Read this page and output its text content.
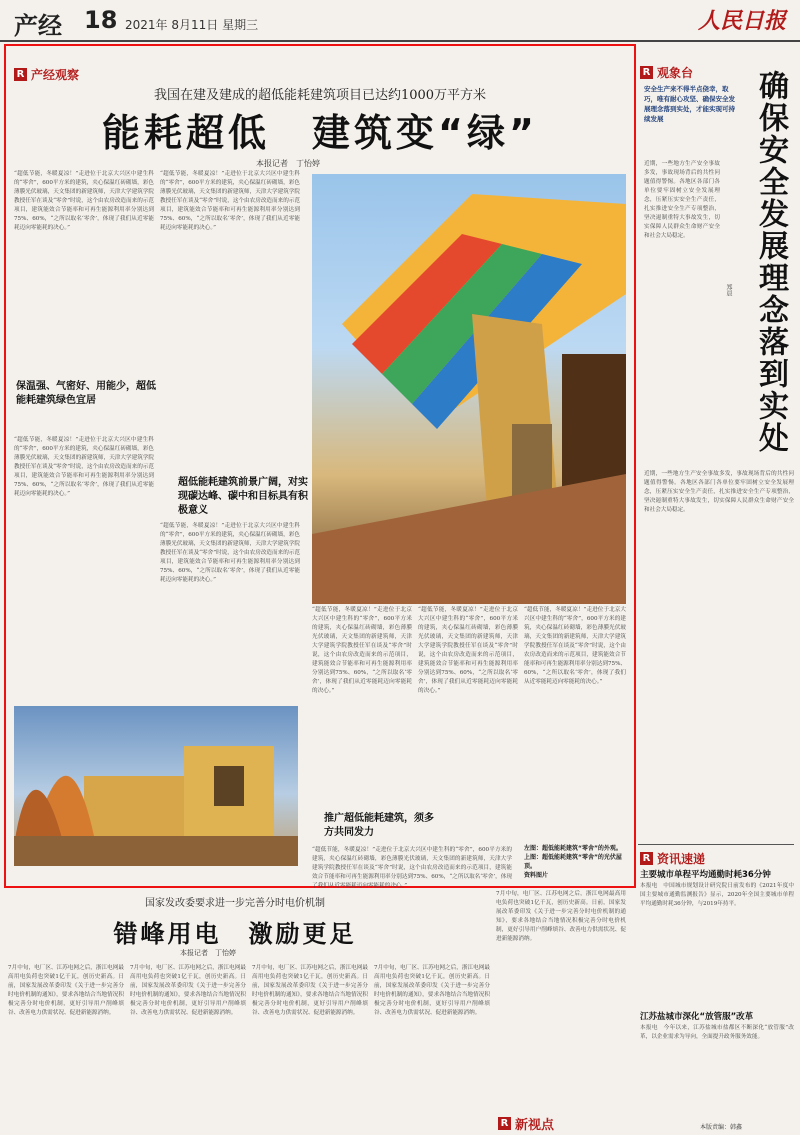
产经 18 2021年 8月11日 星期三	人民日报
R 产经观察
我国在建及建成的超低能耗建筑项目已达约1000万平方米
能耗超低　建筑变“绿”
本报记者　丁怡婷
“超低节能，冬暖夏凉！”走进位于北京大兴区中建生科的“零舍”，600平方米的建筑，夹心保温红砖砌墙，彩色薄膜光伏玻璃，天文集团的新建筑师，天津大学建筑学院教授任军在谈及“零舍”时说，这个由农房改造而来的示范项目，建筑能效合节能率和可再生能源利用率分别达到75%、60%，“之所以取名‘零舍’，体现了我们从近零能耗迈向零能耗的决心。”
保温强、气密好、用能少，超低能耗建筑绿色宜居
“超低节能，冬暖夏凉！”走进位于北京大兴区中建生科的“零舍”，600平方米的建筑，夹心保温红砖砌墙，彩色薄膜光伏玻璃，天文集团的新建筑师，天津大学建筑学院教授任军在谈及“零舍”时说，这个由农房改造而来的示范项目，建筑能效合节能率和可再生能源利用率分别达到75%、60%，“之所以取名‘零舍’，体现了我们从近零能耗迈向零能耗的决心。”
“超低节能，冬暖夏凉！”走进位于北京大兴区中建生科的“零舍”，600平方米的建筑，夹心保温红砖砌墙，彩色薄膜光伏玻璃，天文集团的新建筑师，天津大学建筑学院教授任军在谈及“零舍”时说，这个由农房改造而来的示范项目，建筑能效合节能率和可再生能源利用率分别达到75%、60%，“之所以取名‘零舍’，体现了我们从近零能耗迈向零能耗的决心。”
超低能耗建筑前景广阔，对实现碳达峰、碳中和目标具有积极意义
“超低节能，冬暖夏凉！”走进位于北京大兴区中建生科的“零舍”，600平方米的建筑，夹心保温红砖砌墙，彩色薄膜光伏玻璃，天文集团的新建筑师，天津大学建筑学院教授任军在谈及“零舍”时说，这个由农房改造而来的示范项目，建筑能效合节能率和可再生能源利用率分别达到75%、60%，“之所以取名‘零舍’，体现了我们从近零能耗迈向零能耗的决心。”
“超低节能，冬暖夏凉！”走进位于北京大兴区中建生科的“零舍”，600平方米的建筑，夹心保温红砖砌墙，彩色薄膜光伏玻璃，天文集团的新建筑师，天津大学建筑学院教授任军在谈及“零舍”时说，这个由农房改造而来的示范项目，建筑能效合节能率和可再生能源利用率分别达到75%、60%，“之所以取名‘零舍’，体现了我们从近零能耗迈向零能耗的决心。”
“超低节能，冬暖夏凉！”走进位于北京大兴区中建生科的“零舍”，600平方米的建筑，夹心保温红砖砌墙，彩色薄膜光伏玻璃，天文集团的新建筑师，天津大学建筑学院教授任军在谈及“零舍”时说，这个由农房改造而来的示范项目，建筑能效合节能率和可再生能源利用率分别达到75%、60%，“之所以取名‘零舍’，体现了我们从近零能耗迈向零能耗的决心。”
“超低节能，冬暖夏凉！”走进位于北京大兴区中建生科的“零舍”，600平方米的建筑，夹心保温红砖砌墙，彩色薄膜光伏玻璃，天文集团的新建筑师，天津大学建筑学院教授任军在谈及“零舍”时说，这个由农房改造而来的示范项目，建筑能效合节能率和可再生能源利用率分别达到75%、60%，“之所以取名‘零舍’，体现了我们从近零能耗迈向零能耗的决心。”
推广超低能耗建筑，须多方共同发力
“超低节能，冬暖夏凉！”走进位于北京大兴区中建生科的“零舍”，600平方米的建筑，夹心保温红砖砌墙，彩色薄膜光伏玻璃，天文集团的新建筑师，天津大学建筑学院教授任军在谈及“零舍”时说，这个由农房改造而来的示范项目，建筑能效合节能率和可再生能源利用率分别达到75%、60%，“之所以取名‘零舍’，体现了我们从近零能耗迈向零能耗的决心。”
左图：超低能耗建筑“零舍”的外观。
上图：超低能耗建筑“零舍”的光伏屋顶。
资料图片
R 观象台
安全生产来不得半点侥幸，取巧，唯有耐心攻坚、确保安全发展理念落到实处，才能实现可持续发展	确保安全发展理念落到实处
郑晨
近期，一些地方生产安全事故多发，事故现场背后的共性问题值得警惕。各地区各部门各单位要牢固树立安全发展理念，压紧压实安全生产责任，扎实推进安全生产专项整治，坚决遏制重特大事故发生，切实保障人民群众生命财产安全和社会大局稳定。
近期，一些地方生产安全事故多发，事故现场背后的共性问题值得警惕。各地区各部门各单位要牢固树立安全发展理念，压紧压实安全生产责任，扎实推进安全生产专项整治，坚决遏制重特大事故发生，切实保障人民群众生命财产安全和社会大局稳定。
R 资讯速递
主要城市单程平均通勤时耗36分钟
本报电　中国城市规划设计研究院日前发布的《2021年度中国主要城市通勤监测报告》显示，2020年全国主要城市单程平均通勤时耗36分钟，与2019年持平。
江苏盐城市深化“放管服”改革
本报电　今年以来，江苏盐城市盐都区不断深化“放管服”改革，以企业需求为导向，全面提升政务服务效能。
国家发改委要求进一步完善分时电价机制
错峰用电　激励更足
本报记者　丁怡婷
7月中旬，电厂区、江苏电网之后，浙江电网最高用电负荷也突破1亿千瓦，创历史新高。日前，国家发展改革委印发《关于进一步完善分时电价机制的通知》，要求各地结合当地情况积极完善分时电价机制，更好引导用户削峰填谷、改善电力供需状况、促进新能源消纳。
7月中旬，电厂区、江苏电网之后，浙江电网最高用电负荷也突破1亿千瓦，创历史新高。日前，国家发展改革委印发《关于进一步完善分时电价机制的通知》，要求各地结合当地情况积极完善分时电价机制，更好引导用户削峰填谷、改善电力供需状况、促进新能源消纳。
7月中旬，电厂区、江苏电网之后，浙江电网最高用电负荷也突破1亿千瓦，创历史新高。日前，国家发展改革委印发《关于进一步完善分时电价机制的通知》，要求各地结合当地情况积极完善分时电价机制，更好引导用户削峰填谷、改善电力供需状况、促进新能源消纳。
7月中旬，电厂区、江苏电网之后，浙江电网最高用电负荷也突破1亿千瓦，创历史新高。日前，国家发展改革委印发《关于进一步完善分时电价机制的通知》，要求各地结合当地情况积极完善分时电价机制，更好引导用户削峰填谷、改善电力供需状况、促进新能源消纳。
7月中旬，电厂区、江苏电网之后，浙江电网最高用电负荷也突破1亿千瓦，创历史新高。日前，国家发展改革委印发《关于进一步完善分时电价机制的通知》，要求各地结合当地情况积极完善分时电价机制，更好引导用户削峰填谷、改善电力供需状况、促进新能源消纳。
R 新视点	本版责编：韩鑫
